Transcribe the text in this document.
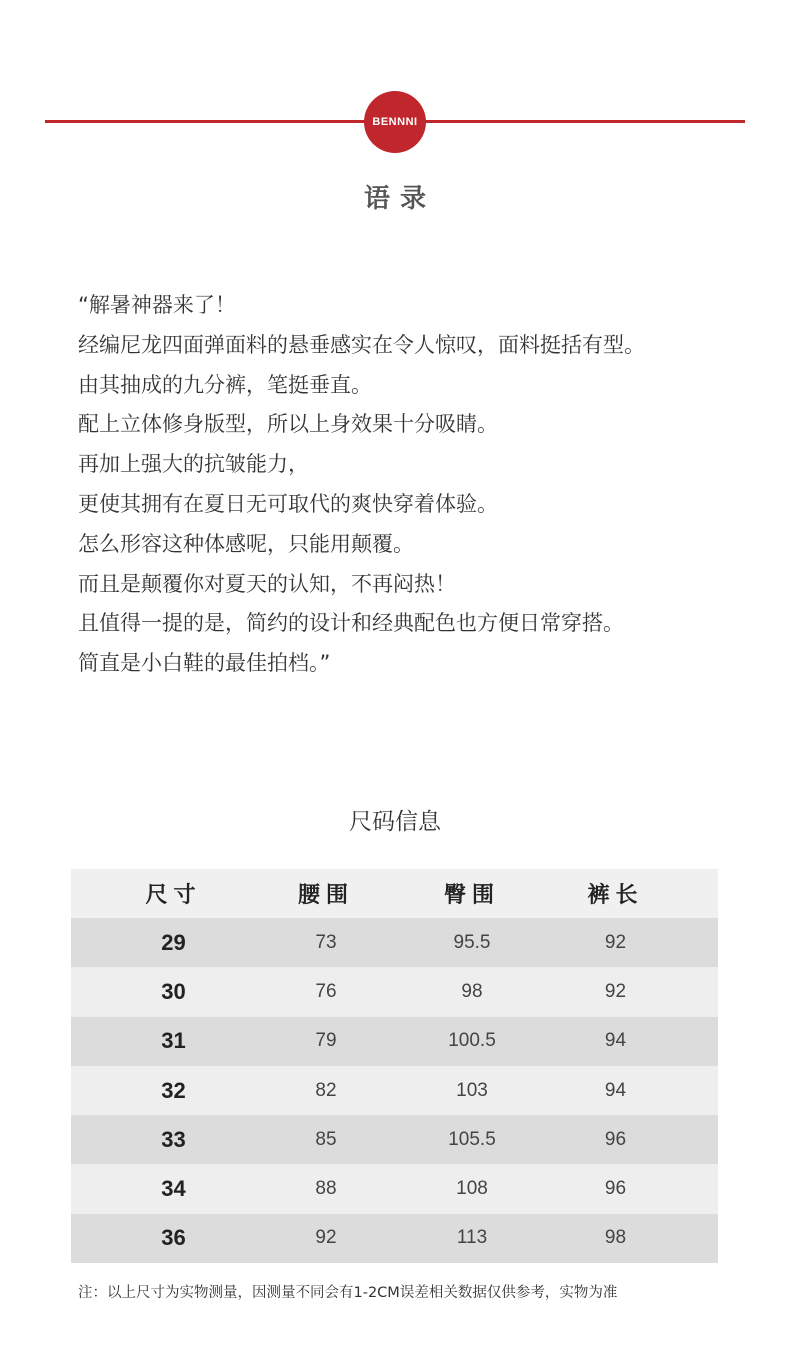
BENNNI
语录
“解暑神器来了！
经编尼龙四面弹面料的悬垂感实在令人惊叹，面料挺括有型。
由其抽成的九分裤，笔挺垂直。
配上立体修身版型，所以上身效果十分吸睛。
再加上强大的抗皱能力，
更使其拥有在夏日无可取代的爽快穿着体验。
怎么形容这种体感呢，只能用颠覆。
而且是颠覆你对夏天的认知，不再闷热！
且值得一提的是，简约的设计和经典配色也方便日常穿搭。
简直是小白鞋的最佳拍档。”
尺码信息
尺寸	腰围	臀围	裤长
29	73	95.5	92
30	76	98	92
31	79	100.5	94
32	82	103	94
33	85	105.5	96
34	88	108	96
36	92	113	98
注：以上尺寸为实物测量，因测量不同会有1-2CM误差相关数据仅供参考，实物为准
